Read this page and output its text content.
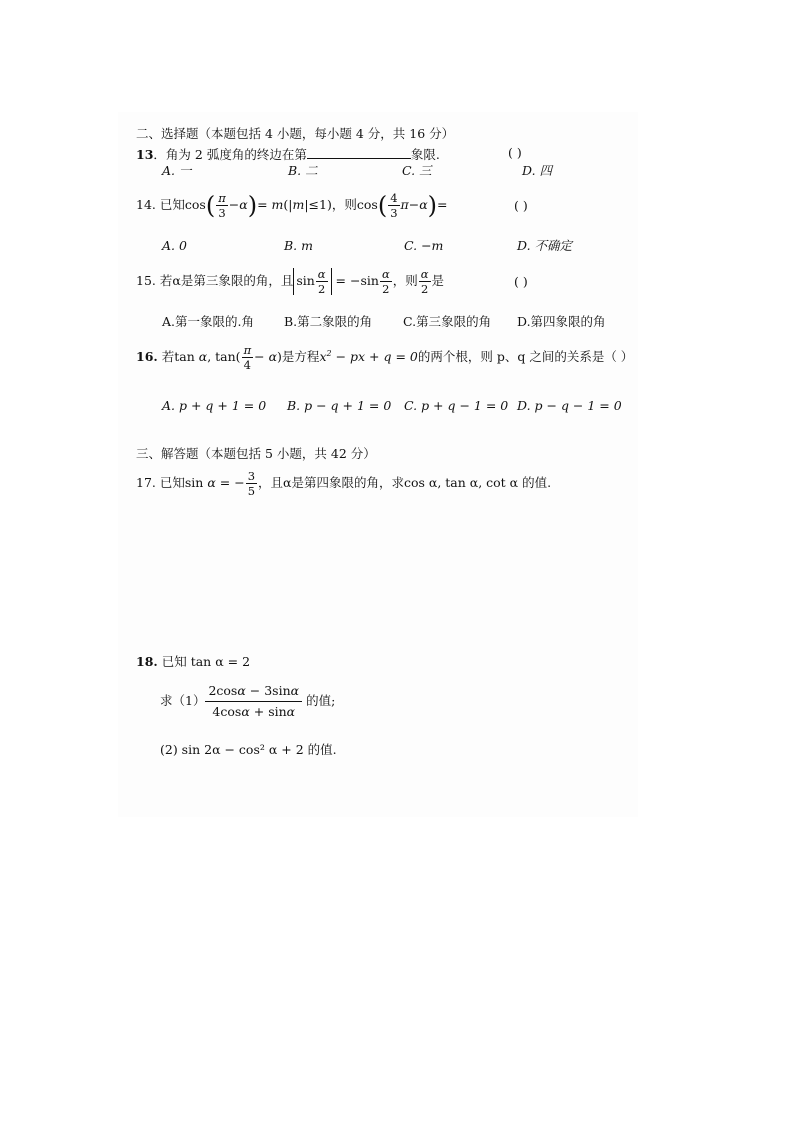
二、选择题（本题包括 4 小题，每小题 4 分，共 16 分）
13．角为 2 弧度角的终边在第	象限.	( )
A. 一	B. 二	C. 三	D. 四
14. 已知$\cos( \frac{\pi}{3} -\alpha)= m(|m|\le 1)$，则$\cos( \frac{4}{3} \pi-\alpha)=$	( )
A. 0	B. m	C. −m	D. 不确定
15. 若α是第三象限的角，且 $\sin \frac{\alpha}{2} = -\sin \frac{\alpha}{2}$ ，则 $\frac{\alpha}{2}$ 是	( )
A.第一象限的.角 B.第二象限的角 C.第三象限的角 D.第四象限的角
16. 若tan α, $\tan( \frac{\pi}{4} - \alpha)$是方程$x^2$ − px + q = 0的两个根，则 p、q 之间的关系是（ ）
A. p + q + 1 = 0 B. p − q + 1 = 0 C. p + q − 1 = 0 D. p − q − 1 = 0
三、解答题（本题包括 5 小题，共 42 分）
17. 已知sin α = − $\frac{3}{5}$ ，且α是第四象限的角，求cos α, tan α, cot α 的值.
18. 已知 tan α = 2
求$(1) \frac{2\cos\alpha - 3\sin\alpha}{4\cos\alpha + \sin\alpha}$ 的值;
(2) sin 2α − cos² α + 2 的值.
